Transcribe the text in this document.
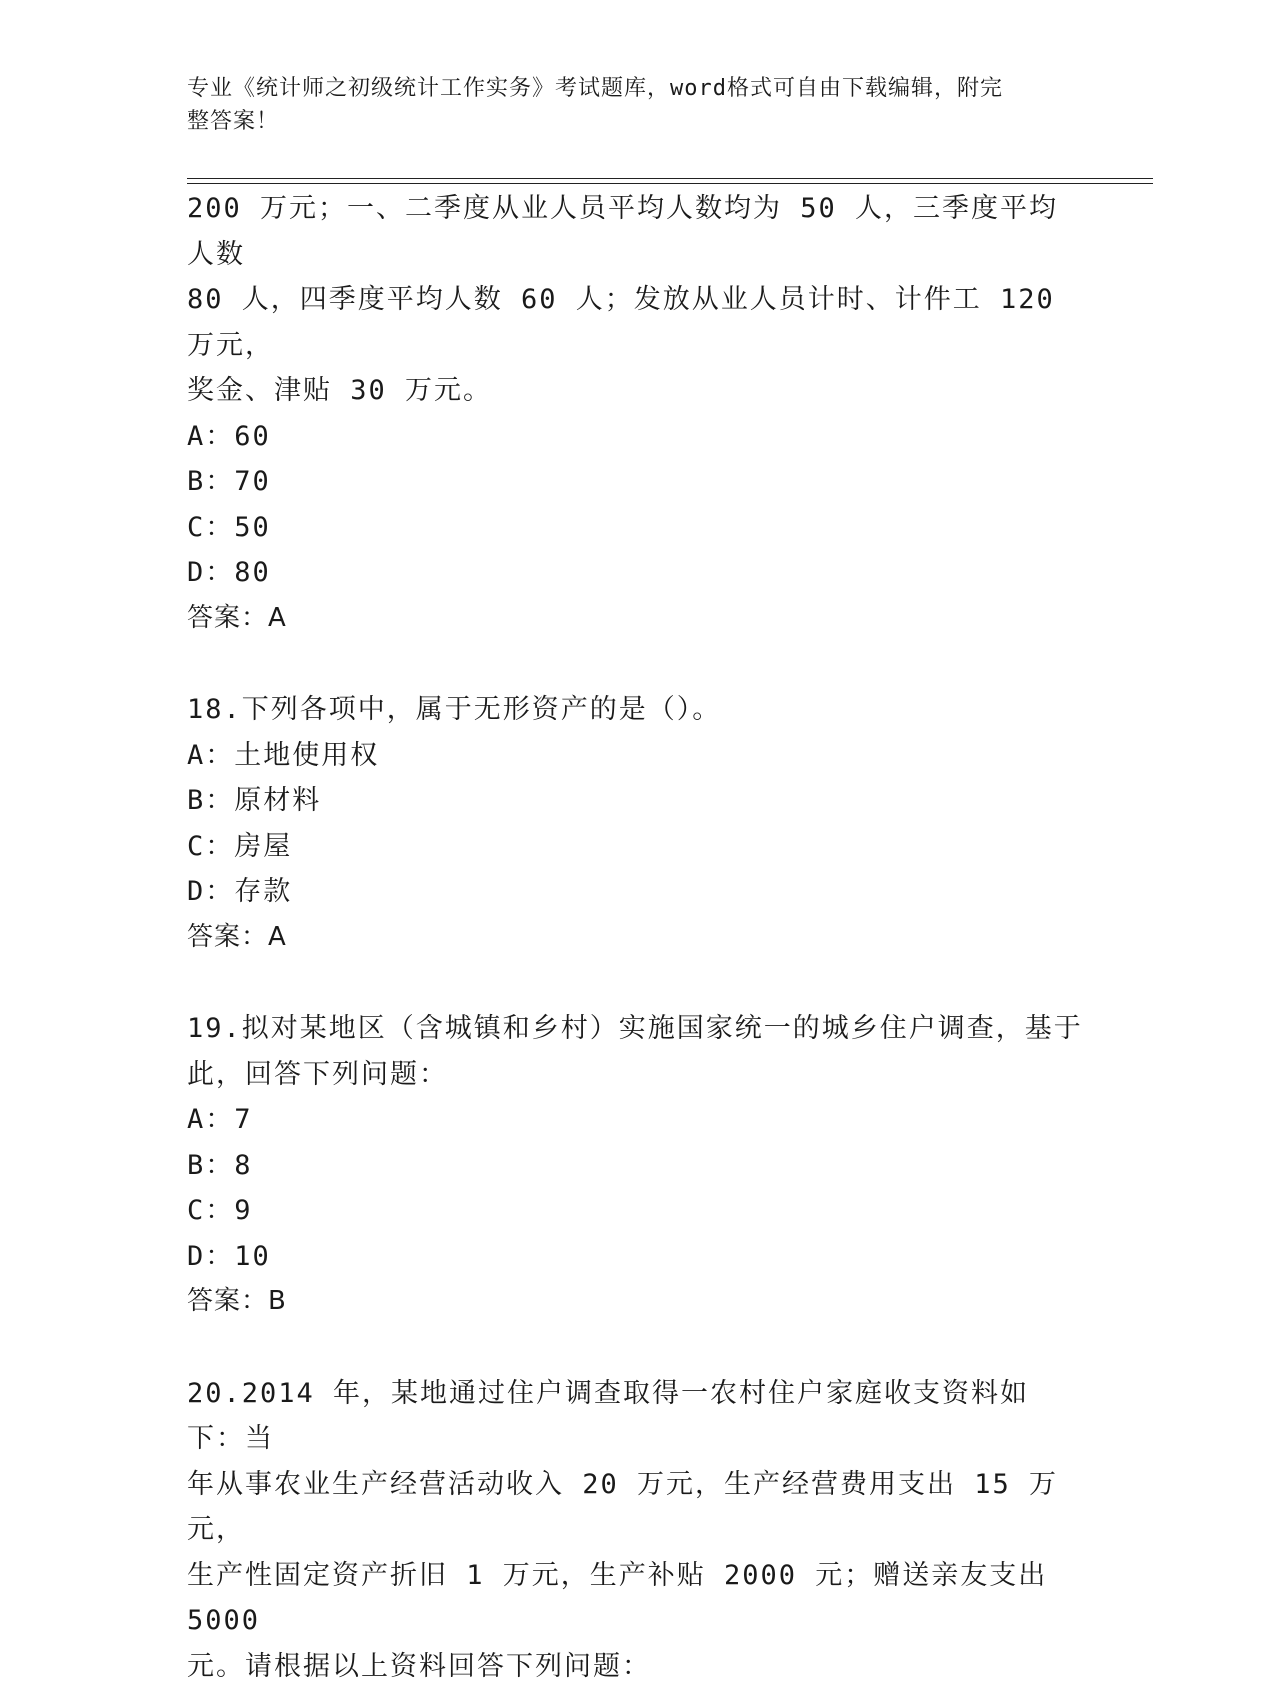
专业《统计师之初级统计工作实务》考试题库，word格式可自由下载编辑，附完
整答案！

200 万元；一、二季度从业人员平均人数均为 50 人，三季度平均人数

80 人，四季度平均人数 60 人；发放从业人员计时、计件工 120 万元，

奖金、津贴 30 万元。

A：60

B：70

C：50

D：80

答案：A

18.下列各项中，属于无形资产的是（）。

A：土地使用权

B：原材料

C：房屋

D：存款

答案：A

19.拟对某地区（含城镇和乡村）实施国家统一的城乡住户调查，基于

此，回答下列问题：

A：7

B：8

C：9

D：10

答案：B

20.2014 年，某地通过住户调查取得一农村住户家庭收支资料如下：当

年从事农业生产经营活动收入 20 万元，生产经营费用支出 15 万元，

生产性固定资产折旧 1 万元，生产补贴 2000 元；赠送亲友支出 5000

元。请根据以上资料回答下列问题：
